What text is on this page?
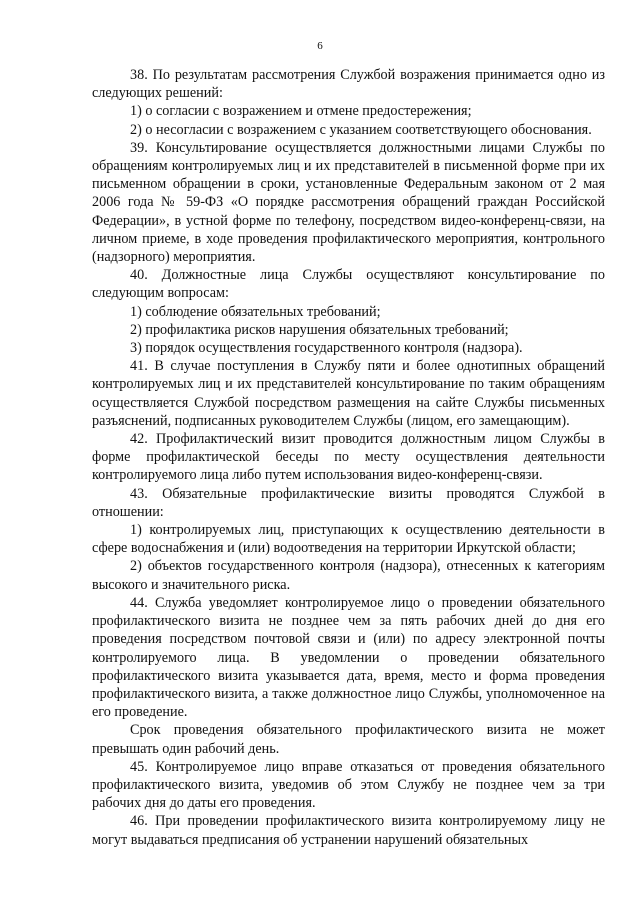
6

38. По результатам рассмотрения Службой возражения принимается одно из следующих решений:

1) о согласии с возражением и отмене предостережения;

2) о несогласии с возражением с указанием соответствующего обоснования.

39. Консультирование осуществляется должностными лицами Службы по обращениям контролируемых лиц и их представителей в письменной форме при их письменном обращении в сроки, установленные Федеральным законом от 2 мая 2006 года № 59-ФЗ «О порядке рассмотрения обращений граждан Российской Федерации», в устной форме по телефону, посредством видео-конференц-связи, на личном приеме, в ходе проведения профилактического мероприятия, контрольного (надзорного) мероприятия.

40. Должностные лица Службы осуществляют консультирование по следующим вопросам:

1) соблюдение обязательных требований;

2) профилактика рисков нарушения обязательных требований;

3) порядок осуществления государственного контроля (надзора).

41. В случае поступления в Службу пяти и более однотипных обращений контролируемых лиц и их представителей консультирование по таким обращениям осуществляется Службой посредством размещения на сайте Службы письменных разъяснений, подписанных руководителем Службы (лицом, его замещающим).

42. Профилактический визит проводится должностным лицом Службы в форме профилактической беседы по месту осуществления деятельности контролируемого лица либо путем использования видео-конференц-связи.

43. Обязательные профилактические визиты проводятся Службой в отношении:

1) контролируемых лиц, приступающих к осуществлению деятельности в сфере водоснабжения и (или) водоотведения на территории Иркутской области;

2) объектов государственного контроля (надзора), отнесенных к категориям высокого и значительного риска.

44. Служба уведомляет контролируемое лицо о проведении обязательного профилактического визита не позднее чем за пять рабочих дней до дня его проведения посредством почтовой связи и (или) по адресу электронной почты контролируемого лица. В уведомлении о проведении обязательного профилактического визита указывается дата, время, место и форма проведения профилактического визита, а также должностное лицо Службы, уполномоченное на его проведение.

Срок проведения обязательного профилактического визита не может превышать один рабочий день.

45. Контролируемое лицо вправе отказаться от проведения обязательного профилактического визита, уведомив об этом Службу не позднее чем за три рабочих дня до даты его проведения.

46. При проведении профилактического визита контролируемому лицу не могут выдаваться предписания об устранении нарушений обязательных
